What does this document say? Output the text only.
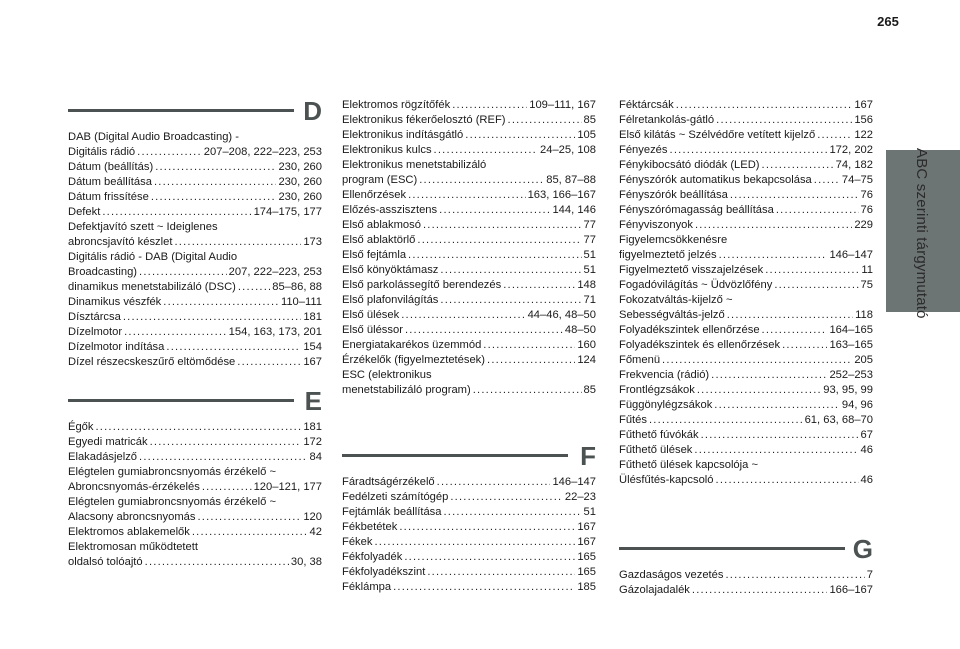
265
ABC szerinti tárgymutató
D
DAB (Digital Audio Broadcasting) -
Digitális rádió .....	207–208, 222–223, 253
Dátum (beállítás) .....	230, 260
Dátum beállítása .....	230, 260
Dátum frissítése .....	230, 260
Defekt .....	174–175, 177
Defektjavító szett ~ Ideiglenes
abroncsjavító készlet .....	173
Digitális rádió - DAB (Digital Audio
Broadcasting) .....	207, 222–223, 253
dinamikus menetstabilizáló (DSC) .....	85–86, 88
Dinamikus vészfék .....	110–111
Dísztárcsa .....	181
Dízelmotor .....	154, 163, 173, 201
Dízelmotor indítása .....	154
Dízel részecskeszűrő eltömődése .....	167
E
Égők .....	181
Egyedi matricák .....	172
Elakadásjelző .....	84
Elégtelen gumiabroncsnyomás érzékelő ~
Abroncsnyomás-érzékelés .....	120–121, 177
Elégtelen gumiabroncsnyomás érzékelő ~
Alacsony abroncsnyomás .....	120
Elektromos ablakemelők .....	42
Elektromosan működtetett
oldalsó tolóajtó .....	30, 38
Elektromos rögzítőfék .....	109–111, 167
Elektronikus fékerőelosztó (REF) .....	85
Elektronikus indításgátló .....	105
Elektronikus kulcs .....	24–25, 108
Elektronikus menetstabilizáló
program (ESC) .....	85, 87–88
Ellenőrzések .....	163, 166–167
Előzés-asszisztens .....	144, 146
Első ablakmosó .....	77
Első ablaktörlő .....	77
Első fejtámla .....	51
Első könyöktámasz .....	51
Első parkolássegítő berendezés .....	148
Első plafonvilágítás .....	71
Első ülések .....	44–46, 48–50
Első üléssor .....	48–50
Energiatakarékos üzemmód .....	160
Érzékelők (figyelmeztetések) .....	124
ESC (elektronikus
menetstabilizáló program) .....	85
F
Fáradtságérzékelő .....	146–147
Fedélzeti számítógép .....	22–23
Fejtámlák beállítása .....	51
Fékbetétek .....	167
Fékek .....	167
Fékfolyadék .....	165
Fékfolyadékszint .....	165
Féklámpa .....	185
Féktárcsák .....	167
Félretankolás-gátló .....	156
Első kilátás ~ Szélvédőre vetített kijelző .....	122
Fényezés .....	172, 202
Fénykibocsátó diódák (LED) .....	74, 182
Fényszórók automatikus bekapcsolása .....	74–75
Fényszórók beállítása .....	76
Fényszórómagasság beállítása .....	76
Fényviszonyok .....	229
Figyelemcsökkenésre
figyelmeztető jelzés .....	146–147
Figyelmeztető visszajelzések .....	11
Fogadóvilágítás ~ Üdvözlőfény .....	75
Fokozatváltás-kijelző ~
Sebességváltás-jelző .....	118
Folyadékszintek ellenőrzése .....	164–165
Folyadékszintek és ellenőrzések .....	163–165
Főmenü .....	205
Frekvencia (rádió) .....	252–253
Frontlégzsákok .....	93, 95, 99
Függönylégzsákok .....	94, 96
Fűtés .....	61, 63, 68–70
Fűthető fúvókák .....	67
Fűthető ülések .....	46
Fűthető ülések kapcsolója ~
Ülésfűtés-kapcsoló .....	46
G
Gazdaságos vezetés .....	7
Gázolajadalék .....	166–167
